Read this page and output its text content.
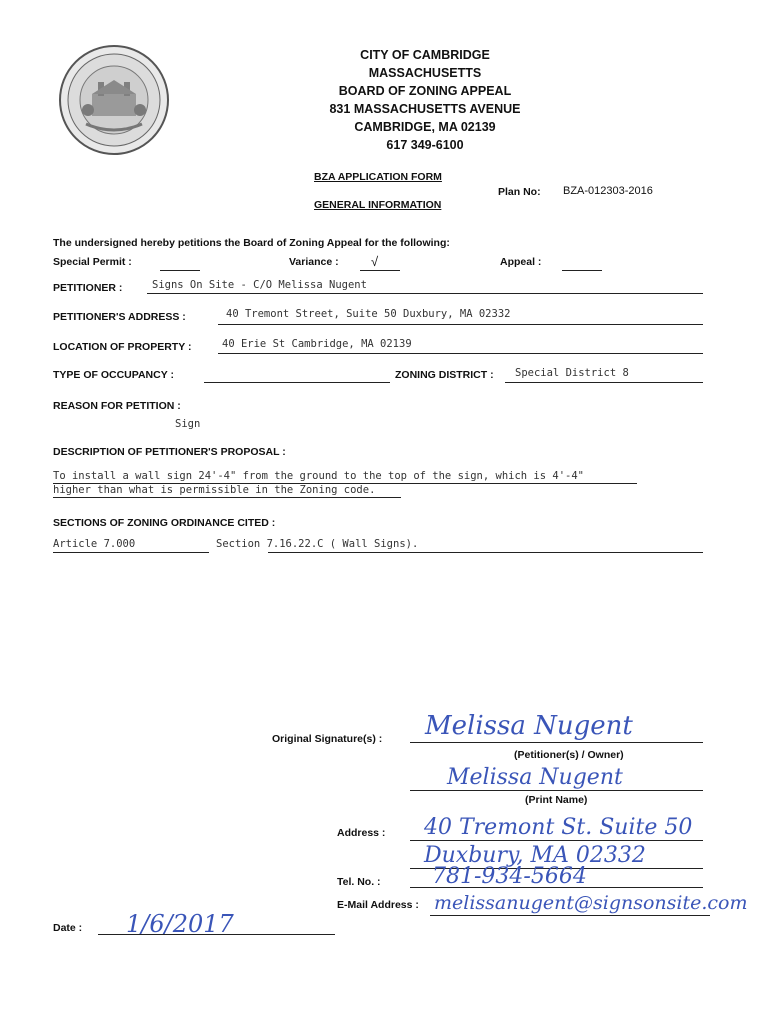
CITY OF CAMBRIDGE
MASSACHUSETTS
BOARD OF ZONING APPEAL
831 MASSACHUSETTS AVENUE
CAMBRIDGE, MA 02139
617 349-6100
BZA APPLICATION FORM
GENERAL INFORMATION
Plan No: BZA-012303-2016
The undersigned hereby petitions the Board of Zoning Appeal for the following:
Special Permit :	Variance : √	Appeal :
PETITIONER :	Signs On Site - C/O Melissa Nugent
PETITIONER'S ADDRESS :	40 Tremont Street, Suite 50 Duxbury, MA 02332
LOCATION OF PROPERTY :	40 Erie St Cambridge, MA 02139
TYPE OF OCCUPANCY :	ZONING DISTRICT : Special District 8
REASON FOR PETITION :
Sign
DESCRIPTION OF PETITIONER'S PROPOSAL :
To install a wall sign 24'-4" from the ground to the top of the sign, which is 4'-4"
higher than what is permissible in the Zoning code.
SECTIONS OF ZONING ORDINANCE CITED :
Article 7.000	Section 7.16.22.C ( Wall Signs).
Original Signature(s) : Melissa Nugent
(Petitioner(s) / Owner)
Melissa Nugent
(Print Name)
Address : 40 Tremont St. Suite 50
Duxbury, MA 02332
Tel. No. : 781-934-5664
E-Mail Address : melissanugent@signsonsite.com
Date : 1/6/2017
